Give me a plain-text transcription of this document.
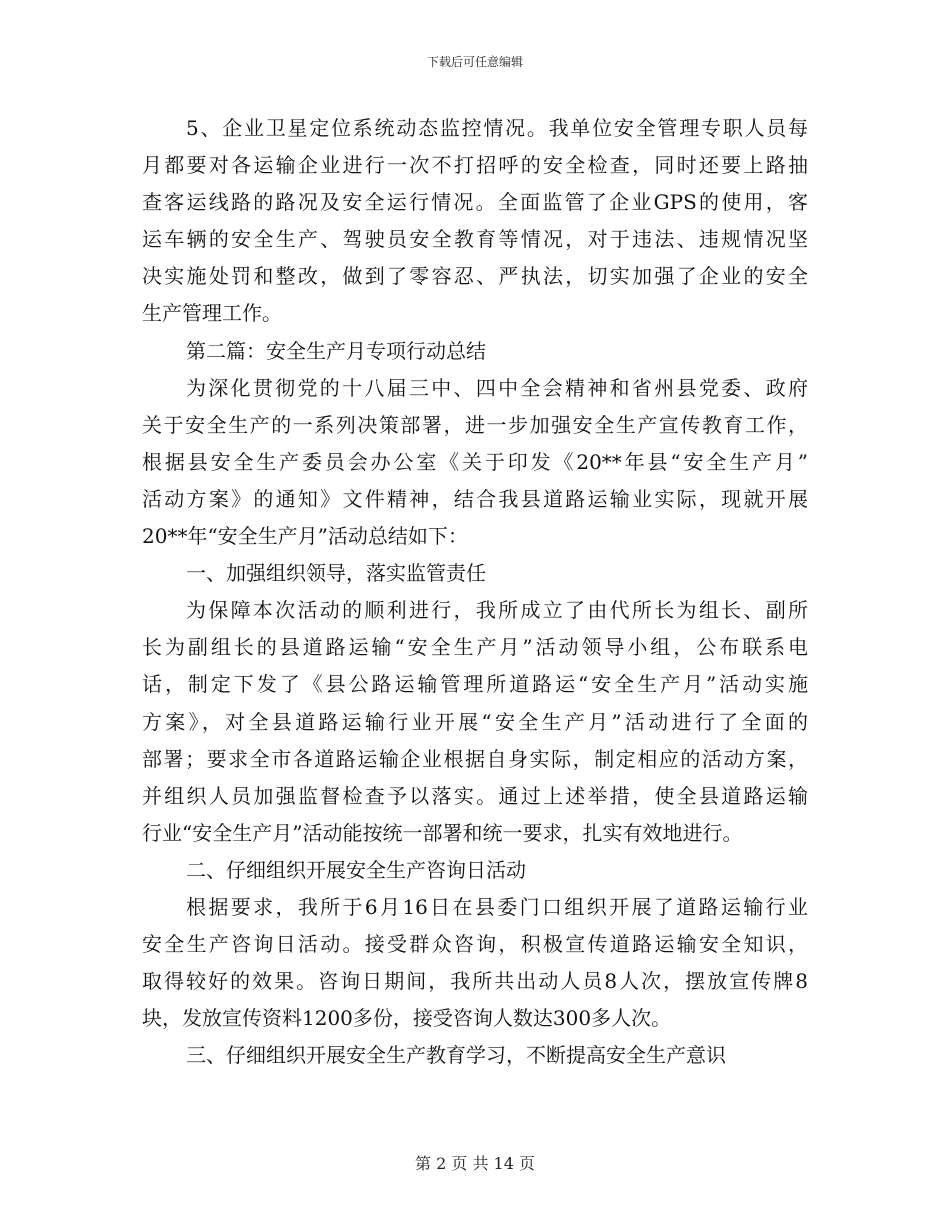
下载后可任意编辑
5、企业卫星定位系统动态监控情况。我单位安全管理专职人员每
月都要对各运输企业进行一次不打招呼的安全检查，同时还要上路抽
查客运线路的路况及安全运行情况。全面监管了企业GPS的使用，客
运车辆的安全生产、驾驶员安全教育等情况，对于违法、违规情况坚
决实施处罚和整改，做到了零容忍、严执法，切实加强了企业的安全
生产管理工作。
第二篇：安全生产月专项行动总结
为深化贯彻党的十八届三中、四中全会精神和省州县党委、政府
关于安全生产的一系列决策部署，进一步加强安全生产宣传教育工作，
根据县安全生产委员会办公室《关于印发《20**年县“安全生产月”
活动方案》的通知》文件精神，结合我县道路运输业实际，现就开展
20**年“安全生产月”活动总结如下：
一、加强组织领导，落实监管责任
为保障本次活动的顺利进行，我所成立了由代所长为组长、副所
长为副组长的县道路运输“安全生产月”活动领导小组，公布联系电
话，制定下发了《县公路运输管理所道路运“安全生产月”活动实施
方案》，对全县道路运输行业开展“安全生产月”活动进行了全面的
部署；要求全市各道路运输企业根据自身实际，制定相应的活动方案，
并组织人员加强监督检查予以落实。通过上述举措，使全县道路运输
行业“安全生产月”活动能按统一部署和统一要求，扎实有效地进行。
二、仔细组织开展安全生产咨询日活动
根据要求，我所于6月16日在县委门口组织开展了道路运输行业
安全生产咨询日活动。接受群众咨询，积极宣传道路运输安全知识，
取得较好的效果。咨询日期间，我所共出动人员8人次，摆放宣传牌8
块，发放宣传资料1200多份，接受咨询人数达300多人次。
三、仔细组织开展安全生产教育学习，不断提高安全生产意识
第 2 页 共 14 页
